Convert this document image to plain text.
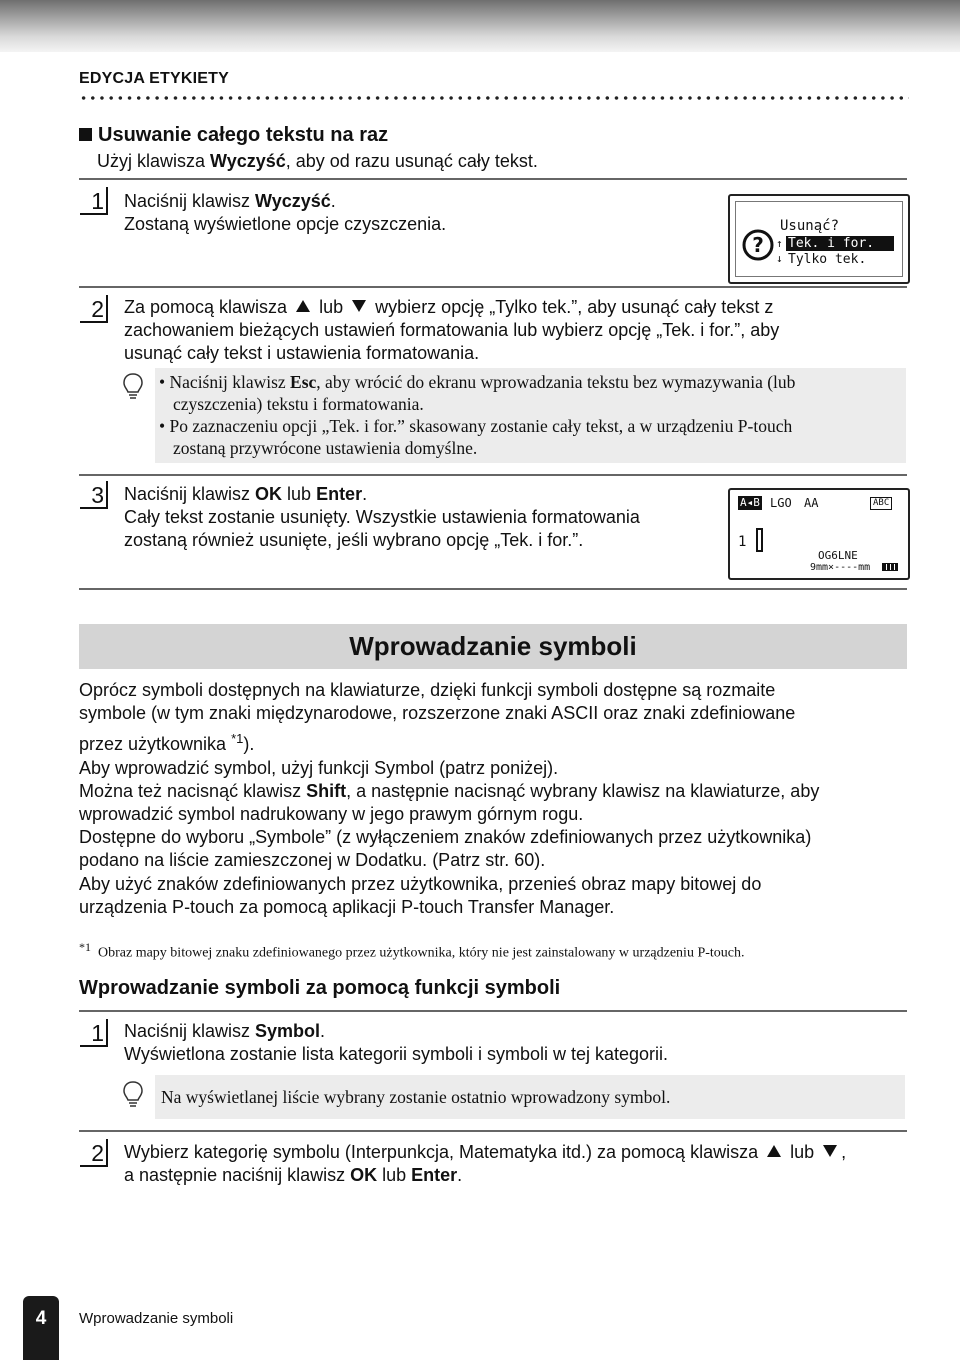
EDYCJA ETYKIETY
Usuwanie całego tekstu na raz
Użyj klawisza Wyczyść, aby od razu usunąć cały tekst.
1 Naciśnij klawisz Wyczyść.
Zostaną wyświetlone opcje czyszczenia.
?
Usunąć?
Tek. i for.
↑
↓ Tylko tek.
2 Za pomocą klawisza lub wybierz opcję „Tylko tek.”, aby usunąć cały tekst z
zachowaniem bieżących ustawień formatowania lub wybierz opcję „Tek. i for.”, aby
usunąć cały tekst i ustawienia formatowania.
• Naciśnij klawisz Esc, aby wrócić do ekranu wprowadzania tekstu bez wymazywania (lub
czyszczenia) tekstu i formatowania.
• Po zaznaczeniu opcji „Tek. i for.” skasowany zostanie cały tekst, a w urządzeniu P-touch
zostaną przywrócone ustawienia domyślne.
3 Naciśnij klawisz OK lub Enter.
Cały tekst zostanie usunięty. Wszystkie ustawienia formatowania
zostaną również usunięte, jeśli wybrano opcję „Tek. i for.”.
A◂B LGO AA	ABC
1
OG6LNE
9mm×----mm
Wprowadzanie symboli
Oprócz symboli dostępnych na klawiaturze, dzięki funkcji symboli dostępne są rozmaite
symbole (w tym znaki międzynarodowe, rozszerzone znaki ASCII oraz znaki zdefiniowane
przez użytkownika $^{*1}$).
Aby wprowadzić symbol, użyj funkcji Symbol (patrz poniżej).
Można też nacisnąć klawisz Shift, a następnie nacisnąć wybrany klawisz na klawiaturze, aby
wprowadzić symbol nadrukowany w jego prawym górnym rogu.
Dostępne do wyboru „Symbole” (z wyłączeniem znaków zdefiniowanych przez użytkownika)
podano na liście zamieszczonej w Dodatku. (Patrz str. 60).
Aby użyć znaków zdefiniowanych przez użytkownika, przenieś obraz mapy bitowej do
urządzenia P-touch za pomocą aplikacji P-touch Transfer Manager.
$^{*1}$ Obraz mapy bitowej znaku zdefiniowanego przez użytkownika, który nie jest zainstalowany w urządzeniu P-touch.
Wprowadzanie symboli za pomocą funkcji symboli
1 Naciśnij klawisz Symbol.
Wyświetlona zostanie lista kategorii symboli i symboli w tej kategorii.
Na wyświetlanej liście wybrany zostanie ostatnio wprowadzony symbol.
2 Wybierz kategorię symbolu (Interpunkcja, Matematyka itd.) za pomocą klawisza lub ,
a następnie naciśnij klawisz OK lub Enter.
4	Wprowadzanie symboli
